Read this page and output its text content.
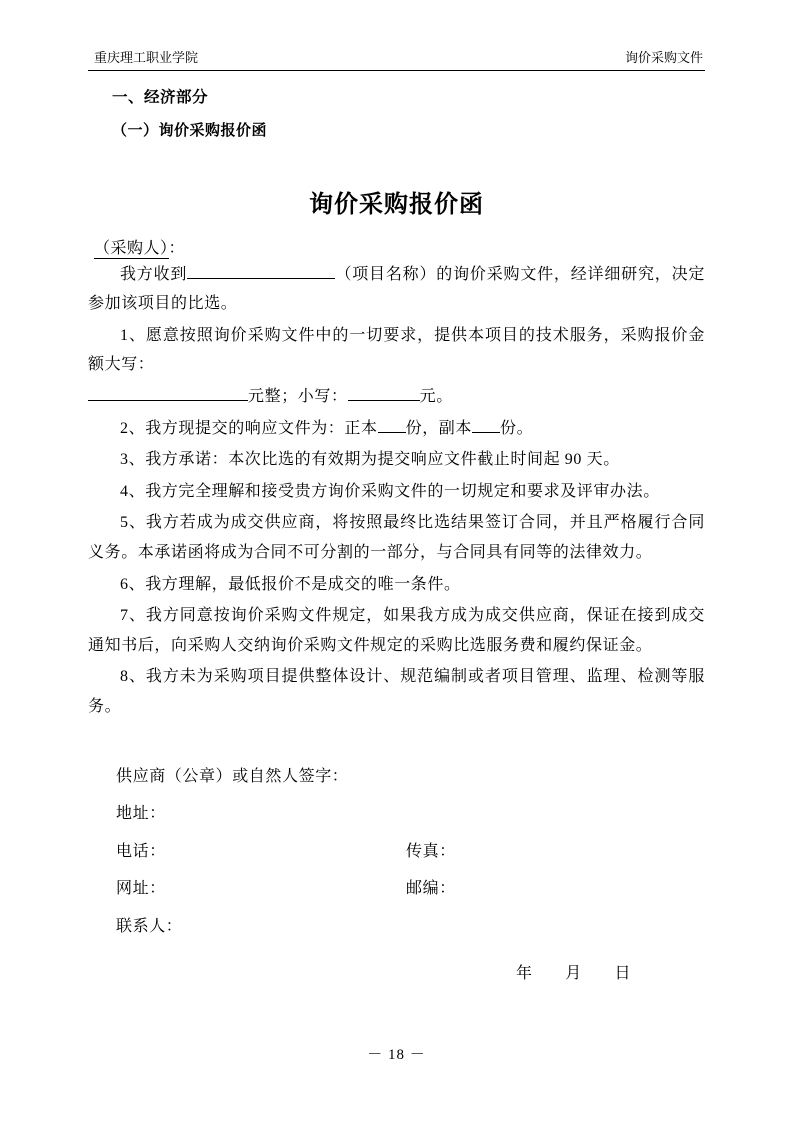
重庆理工职业学院	询价采购文件
一、经济部分
（一）询价采购报价函
询价采购报价函
（采购人）：

我方收到	（项目名称）的询价采购文件，经详细研究，决定参加该项目的比选。

1、愿意按照询价采购文件中的一切要求，提供本项目的技术服务，采购报价金额大写：

元整；小写：	元。

2、我方现提交的响应文件为：正本 份，副本 份。

3、我方承诺：本次比选的有效期为提交响应文件截止时间起 90 天。

4、我方完全理解和接受贵方询价采购文件的一切规定和要求及评审办法。

5、我方若成为成交供应商，将按照最终比选结果签订合同，并且严格履行合同义务。本承诺函将成为合同不可分割的一部分，与合同具有同等的法律效力。

6、我方理解，最低报价不是成交的唯一条件。

7、我方同意按询价采购文件规定，如果我方成为成交供应商，保证在接到成交通知书后，向采购人交纳询价采购文件规定的采购比选服务费和履约保证金。

8、我方未为采购项目提供整体设计、规范编制或者项目管理、监理、检测等服务。

供应商（公章）或自然人签字：
地址：
电话：	传真：
网址：	邮编：
联系人：
年 月 日
－ 18 －
